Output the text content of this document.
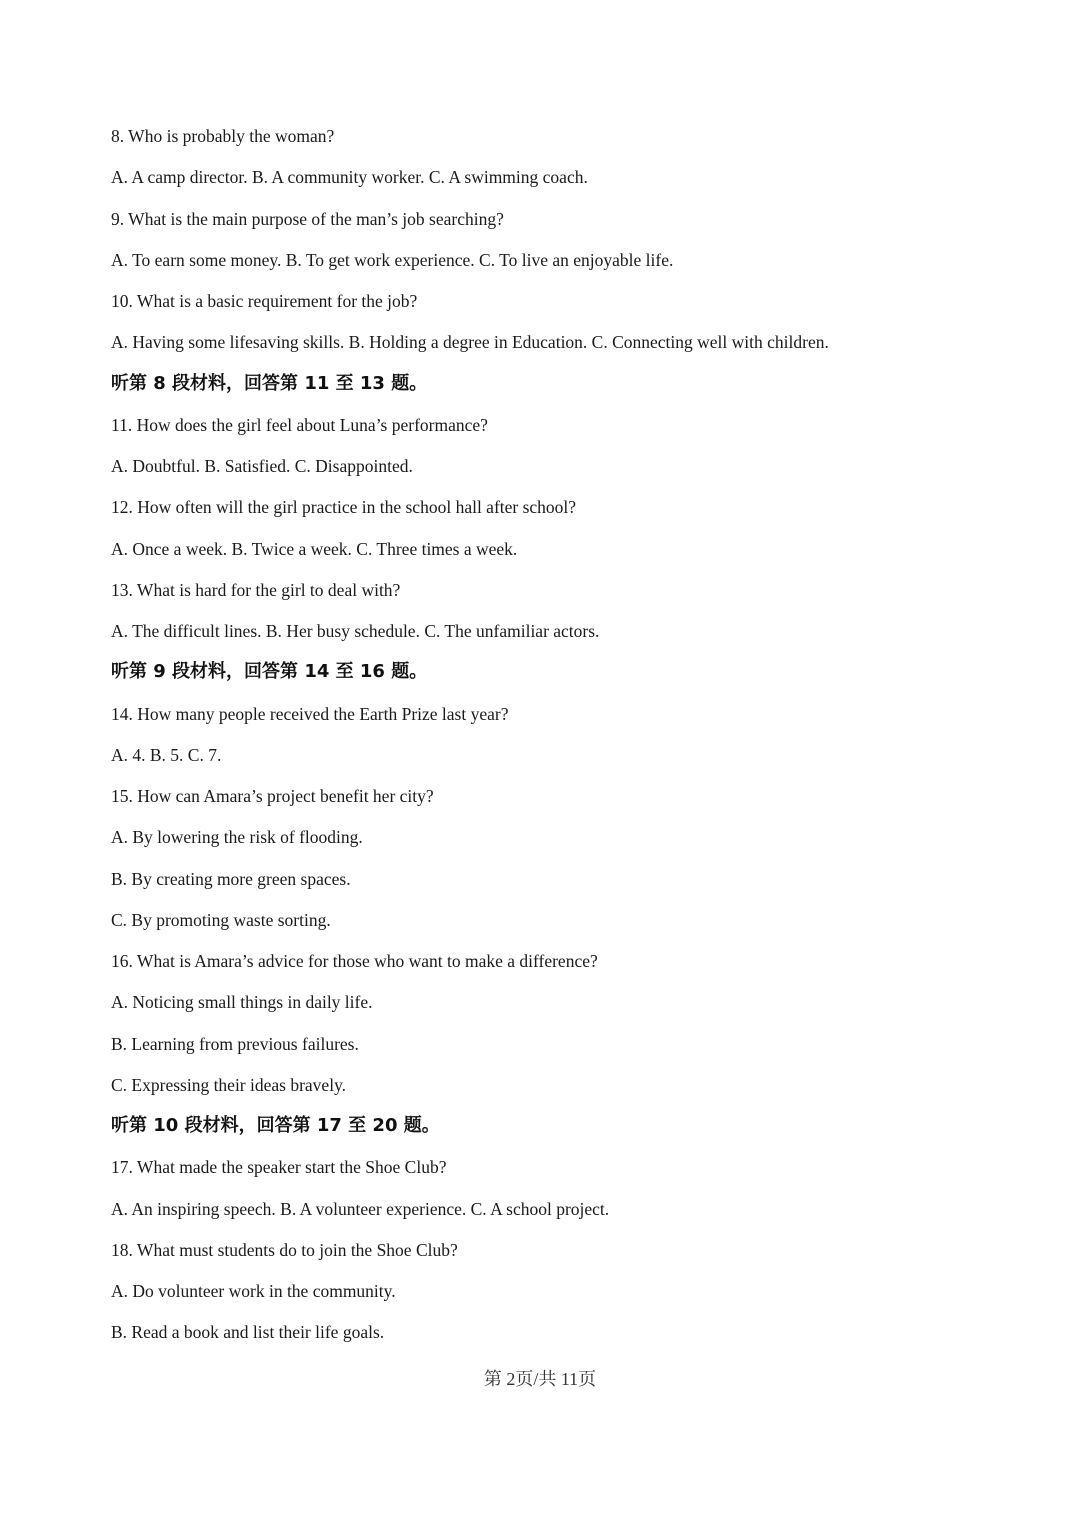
8. Who is probably the woman?
A. A camp director. B. A community worker. C. A swimming coach.
9. What is the main purpose of the man’s job searching?
A. To earn some money. B. To get work experience. C. To live an enjoyable life.
10. What is a basic requirement for the job?
A. Having some lifesaving skills. B. Holding a degree in Education. C. Connecting well with children.
听第 8 段材料，回答第 11 至 13 题。
11. How does the girl feel about Luna’s performance?
A. Doubtful. B. Satisfied. C. Disappointed.
12. How often will the girl practice in the school hall after school?
A. Once a week. B. Twice a week. C. Three times a week.
13. What is hard for the girl to deal with?
A. The difficult lines. B. Her busy schedule. C. The unfamiliar actors.
听第 9 段材料，回答第 14 至 16 题。
14. How many people received the Earth Prize last year?
A. 4. B. 5. C. 7.
15. How can Amara’s project benefit her city?
A. By lowering the risk of flooding.
B. By creating more green spaces.
C. By promoting waste sorting.
16. What is Amara’s advice for those who want to make a difference?
A. Noticing small things in daily life.
B. Learning from previous failures.
C. Expressing their ideas bravely.
听第 10 段材料，回答第 17 至 20 题。
17. What made the speaker start the Shoe Club?
A. An inspiring speech. B. A volunteer experience. C. A school project.
18. What must students do to join the Shoe Club?
A. Do volunteer work in the community.
B. Read a book and list their life goals.
第 2页/共 11页
